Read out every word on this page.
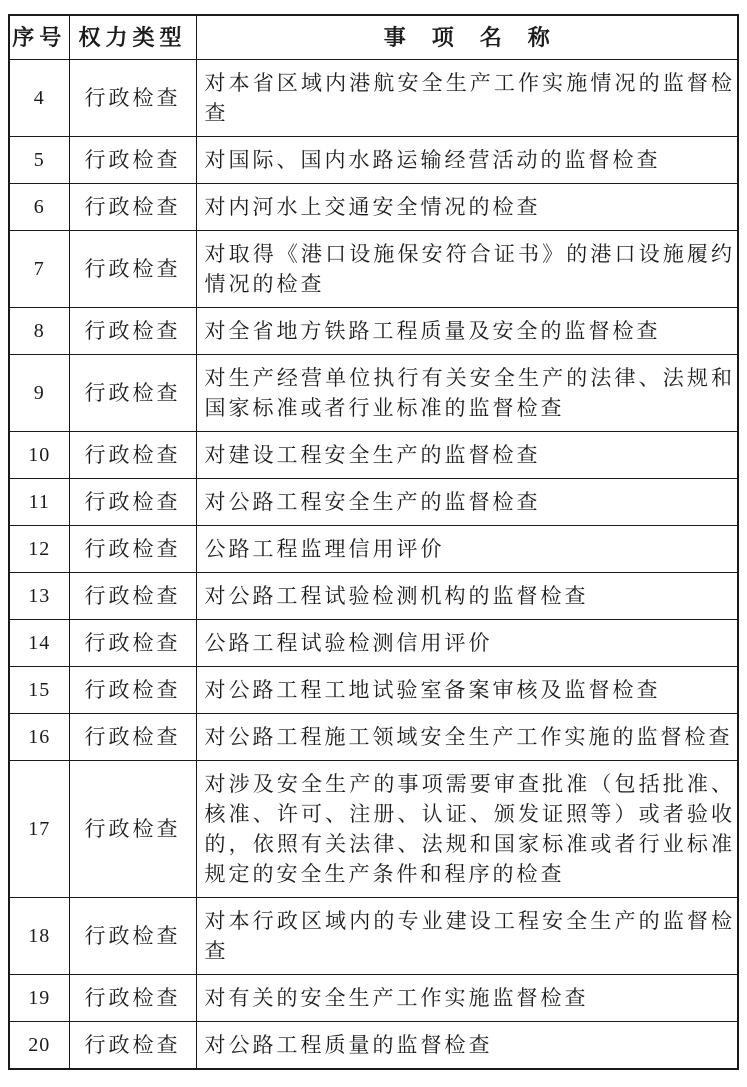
序号	权力类型	事项名称
4	行政检查	对本省区域内港航安全生产工作实施情况的监督检查
5	行政检查	对国际、国内水路运输经营活动的监督检查
6	行政检查	对内河水上交通安全情况的检查
7	行政检查	对取得《港口设施保安符合证书》的港口设施履约情况的检查
8	行政检查	对全省地方铁路工程质量及安全的监督检查
9	行政检查	对生产经营单位执行有关安全生产的法律、法规和国家标准或者行业标准的监督检查
10	行政检查	对建设工程安全生产的监督检查
11	行政检查	对公路工程安全生产的监督检查
12	行政检查	公路工程监理信用评价
13	行政检查	对公路工程试验检测机构的监督检查
14	行政检查	公路工程试验检测信用评价
15	行政检查	对公路工程工地试验室备案审核及监督检查
16	行政检查	对公路工程施工领域安全生产工作实施的监督检查
17	行政检查	对涉及安全生产的事项需要审查批准（包括批准、核准、许可、注册、认证、颁发证照等）或者验收的，依照有关法律、法规和国家标准或者行业标准规定的安全生产条件和程序的检查
18	行政检查	对本行政区域内的专业建设工程安全生产的监督检查
19	行政检查	对有关的安全生产工作实施监督检查
20	行政检查	对公路工程质量的监督检查
